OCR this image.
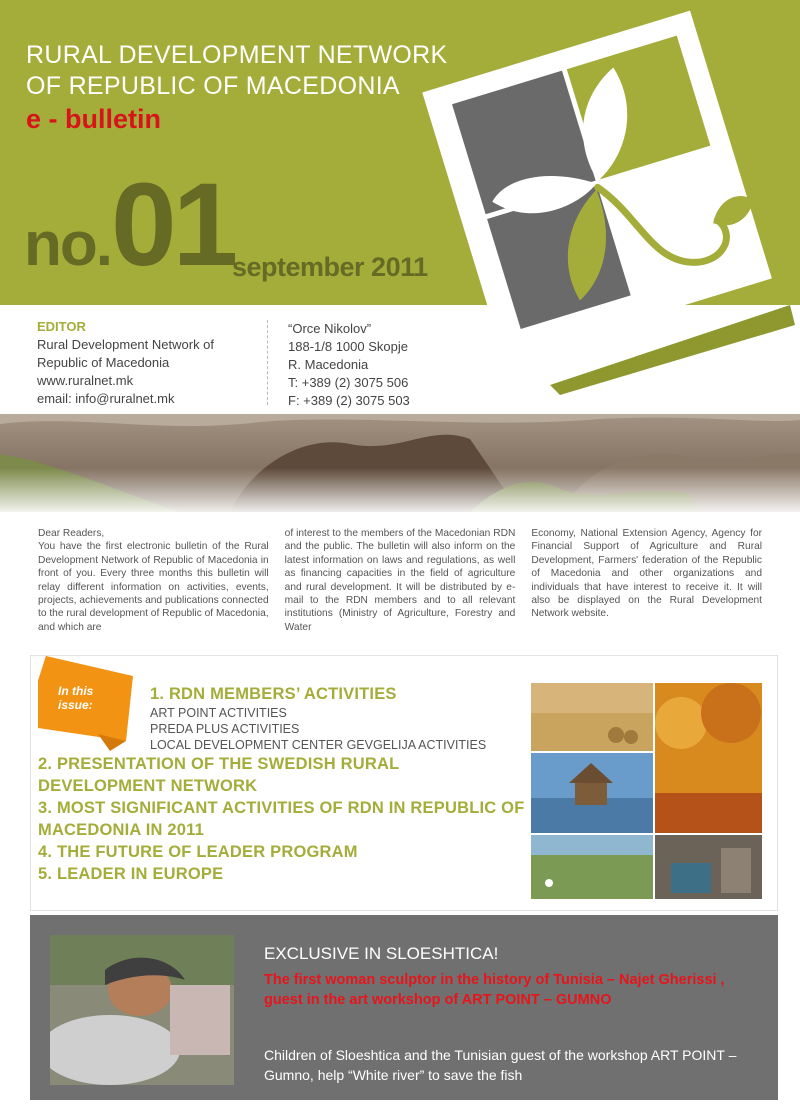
RURAL DEVELOPMENT NETWORK
OF REPUBLIC OF MACEDONIA
e - bulletin
no. 01
september 2011
EDITOR
Rural Development Network of
Republic of Macedonia
www.ruralnet.mk
email: info@ruralnet.mk
“Orce Nikolov”
188-1/8 1000 Skopje
R. Macedonia
T: +389 (2) 3075 506
F: +389 (2) 3075 503
Dear Readers,
You have the first electronic bulletin of the Rural Development Network of Republic of Macedonia in front of you. Every three months this bulletin will relay different information on activities, events, projects, achievements and publications connected to the rural development of Republic of Macedonia, and which are
of interest to the members of the Macedonian RDN and the public. The bulletin will also inform on the latest information on laws and regulations, as well as financing capacities in the field of agriculture and rural development. It will be distributed by e-mail to the RDN members and to all relevant institutions (Ministry of Agriculture, Forestry and Water
Economy, National Extension Agency, Agency for Financial Support of Agriculture and Rural Development, Farmers' federation of the Republic of Macedonia and other organizations and individuals that have interest to receive it. It will also be displayed on the Rural Development Network website.
In this
issue:
1. RDN MEMBERS’ ACTIVITIES
ART POINT ACTIVITIES
PREDA PLUS ACTIVITIES
LOCAL DEVELOPMENT CENTER GEVGELIJA ACTIVITIES
2. PRESENTATION OF THE SWEDISH RURAL DEVELOPMENT NETWORK
3. MOST SIGNIFICANT ACTIVITIES OF RDN IN REPUBLIC OF MACEDONIA IN 2011
4. THE FUTURE OF LEADER PROGRAM
5. LEADER IN EUROPE
EXCLUSIVE IN SLOESHTICA!
The first woman sculptor in the history of Tunisia – Najet Gherissi , guest in the art workshop of ART POINT – GUMNO
Children of Sloeshtica and the Tunisian guest of the workshop ART POINT – Gumno, help “White river” to save the fish
